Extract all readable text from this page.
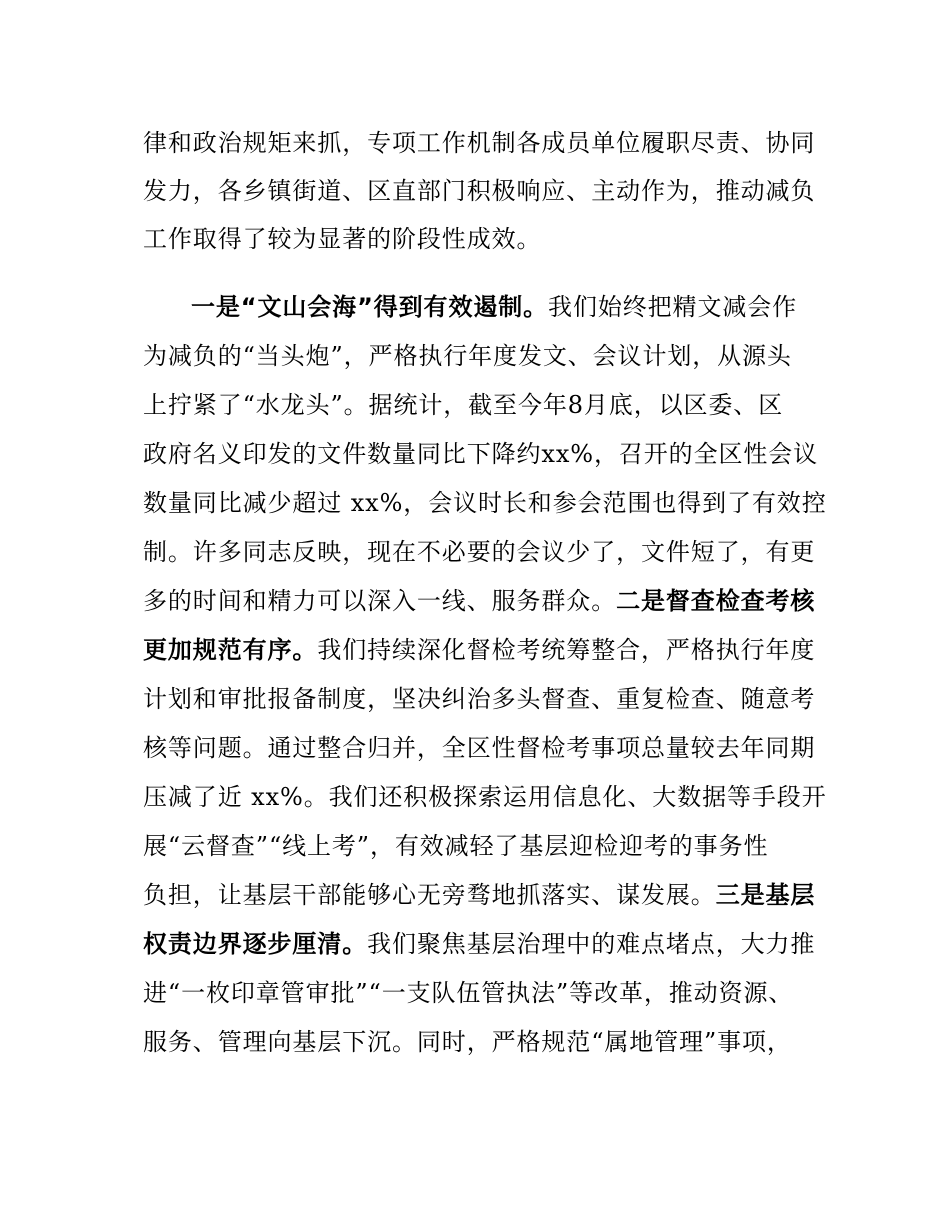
律和政治规矩来抓，专项工作机制各成员单位履职尽责、协同
发力，各乡镇街道、区直部门积极响应、主动作为，推动减负
工作取得了较为显著的阶段性成效。
一是“文山会海”得到有效遏制。我们始终把精文减会作
为减负的“当头炮”，严格执行年度发文、会议计划，从源头
上拧紧了“水龙头”。据统计，截至今年8月底，以区委、区
政府名义印发的文件数量同比下降约xx%，召开的全区性会议
数量同比减少超过 xx%，会议时长和参会范围也得到了有效控
制。许多同志反映，现在不必要的会议少了，文件短了，有更
多的时间和精力可以深入一线、服务群众。二是督查检查考核
更加规范有序。我们持续深化督检考统筹整合，严格执行年度
计划和审批报备制度，坚决纠治多头督查、重复检查、随意考
核等问题。通过整合归并，全区性督检考事项总量较去年同期
压减了近 xx%。我们还积极探索运用信息化、大数据等手段开
展“云督查”“线上考”，有效减轻了基层迎检迎考的事务性
负担，让基层干部能够心无旁骛地抓落实、谋发展。三是基层
权责边界逐步厘清。我们聚焦基层治理中的难点堵点，大力推
进“一枚印章管审批”“一支队伍管执法”等改革，推动资源、
服务、管理向基层下沉。同时，严格规范“属地管理”事项，
